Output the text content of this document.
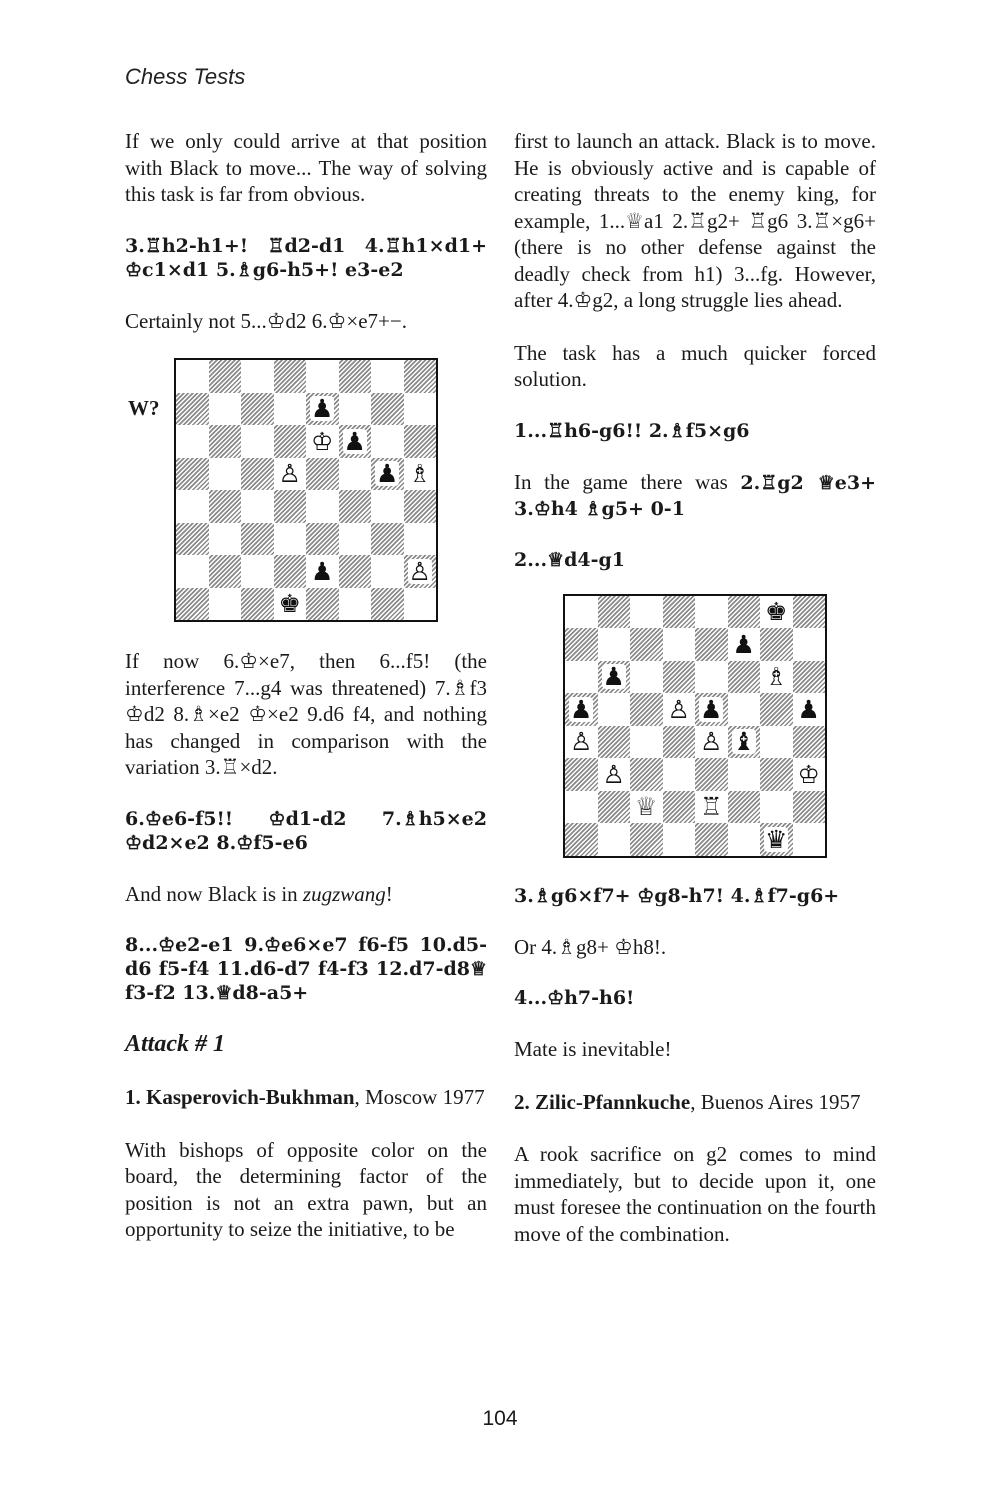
Chess Tests

If we only could arrive at that position with Black to move... The way of solving this task is far from obvious.

3.♖h2-h1+! ♖d2-d1 4.♖h1×d1+ ♔c1×d1 5.♗g6-h5+! e3-e2

Certainly not 5...♔d2 6.♔×e7+−.

W?	♟
♔ ♟
♙	♟ ♗
♟	♙
♚

If now 6.♔×e7, then 6...f5! (the interference 7...g4 was threatened) 7.♗f3 ♔d2 8.♗×e2 ♔×e2 9.d6 f4, and nothing has changed in comparison with the variation 3.♖×d2.

6.♔e6-f5!! ♔d1-d2 7.♗h5×e2 ♔d2×e2 8.♔f5-e6

And now Black is in zugzwang!

8...♔e2-e1 9.♔e6×e7 f6-f5 10.d5-d6 f5-f4 11.d6-d7 f4-f3 12.d7-d8♕ f3-f2 13.♕d8-a5+

Attack # 1

1. Kasperovich-Bukhman, Moscow 1977

With bishops of opposite color on the board, the determining factor of the position is not an extra pawn, but an opportunity to seize the initiative, to be

first to launch an attack. Black is to move. He is obviously active and is capable of creating threats to the enemy king, for example, 1...♕a1 2.♖g2+ ♖g6 3.♖×g6+ (there is no other defense against the deadly check from h1) 3...fg. However, after 4.♔g2, a long struggle lies ahead.

The task has a much quicker forced solution.

1...♖h6-g6!! 2.♗f5×g6

In the game there was 2.♖g2 ♕e3+ 3.♔h4 ♗g5+ 0-1

2...♕d4-g1

♚
♟
♟	♗
♟	♙ ♟	♟
♙	♙ ♝
♙	♔
♕ ♖
♛

3.♗g6×f7+ ♔g8-h7! 4.♗f7-g6+

Or 4.♗g8+ ♔h8!.

4...♔h7-h6!

Mate is inevitable!

2. Zilic-Pfannkuche, Buenos Aires 1957

A rook sacrifice on g2 comes to mind immediately, but to decide upon it, one must foresee the continuation on the fourth move of the combination.

104
